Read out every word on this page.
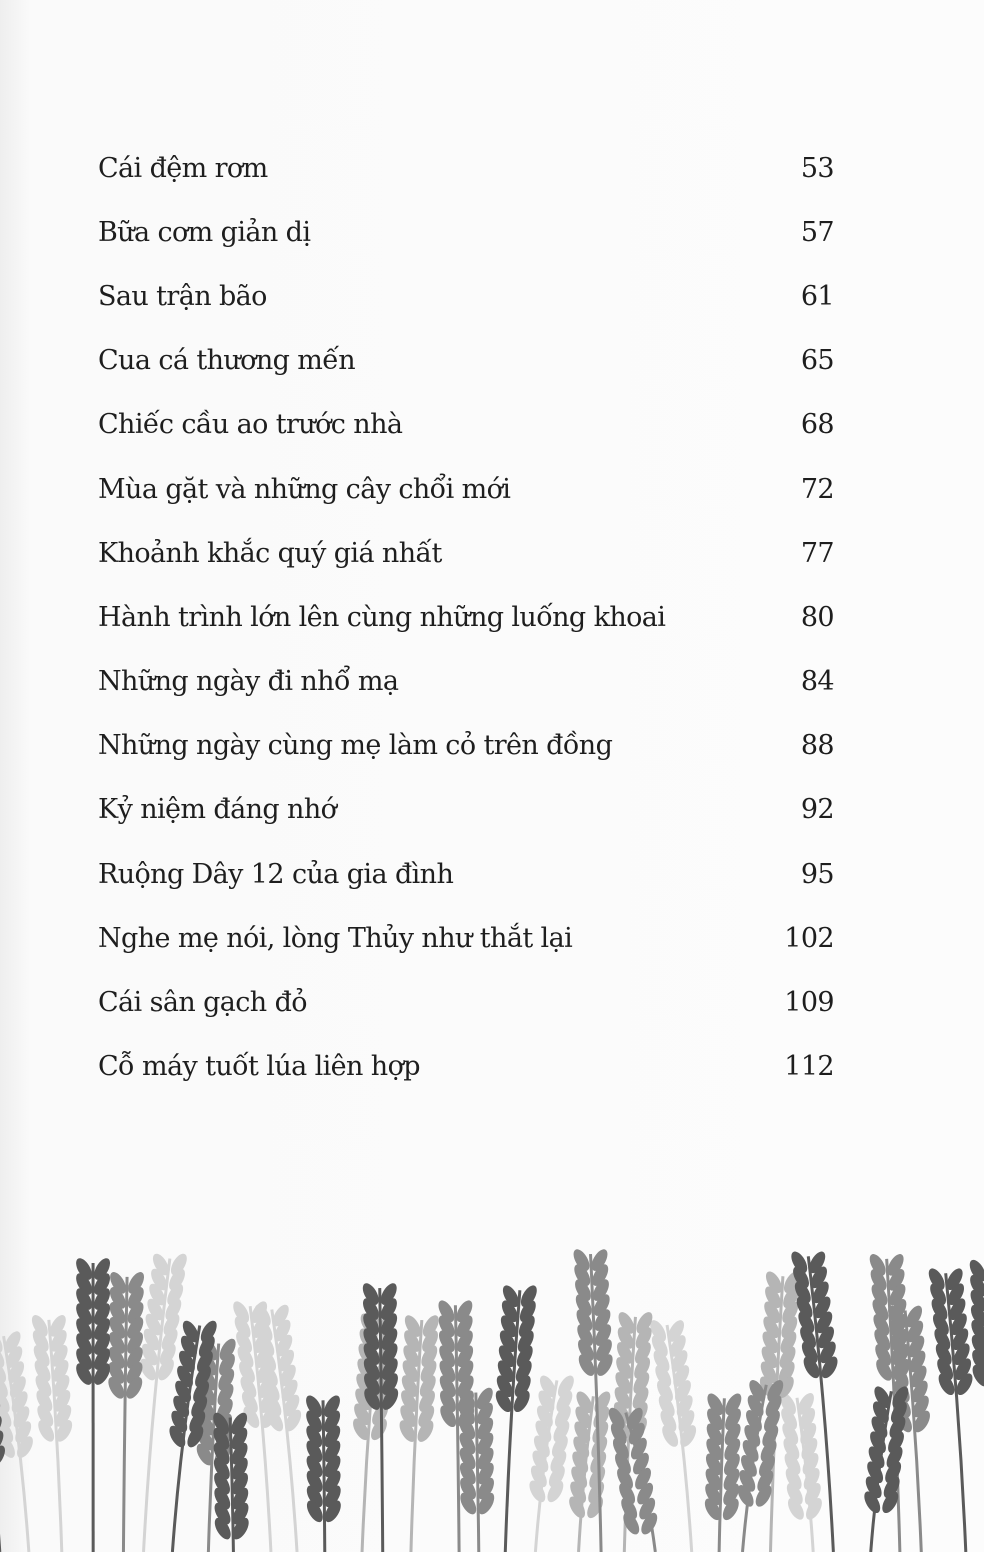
Cái đệm rơm	53
Bữa cơm giản dị	57
Sau trận bão	61
Cua cá thương mến	65
Chiếc cầu ao trước nhà	68
Mùa gặt và những cây chổi mới	72
Khoảnh khắc quý giá nhất	77
Hành trình lớn lên cùng những luống khoai	80
Những ngày đi nhổ mạ	84
Những ngày cùng mẹ làm cỏ trên đồng	88
Kỷ niệm đáng nhớ	92
Ruộng Dây 12 của gia đình	95
Nghe mẹ nói, lòng Thủy như thắt lại	102
Cái sân gạch đỏ	109
Cỗ máy tuốt lúa liên hợp	112
